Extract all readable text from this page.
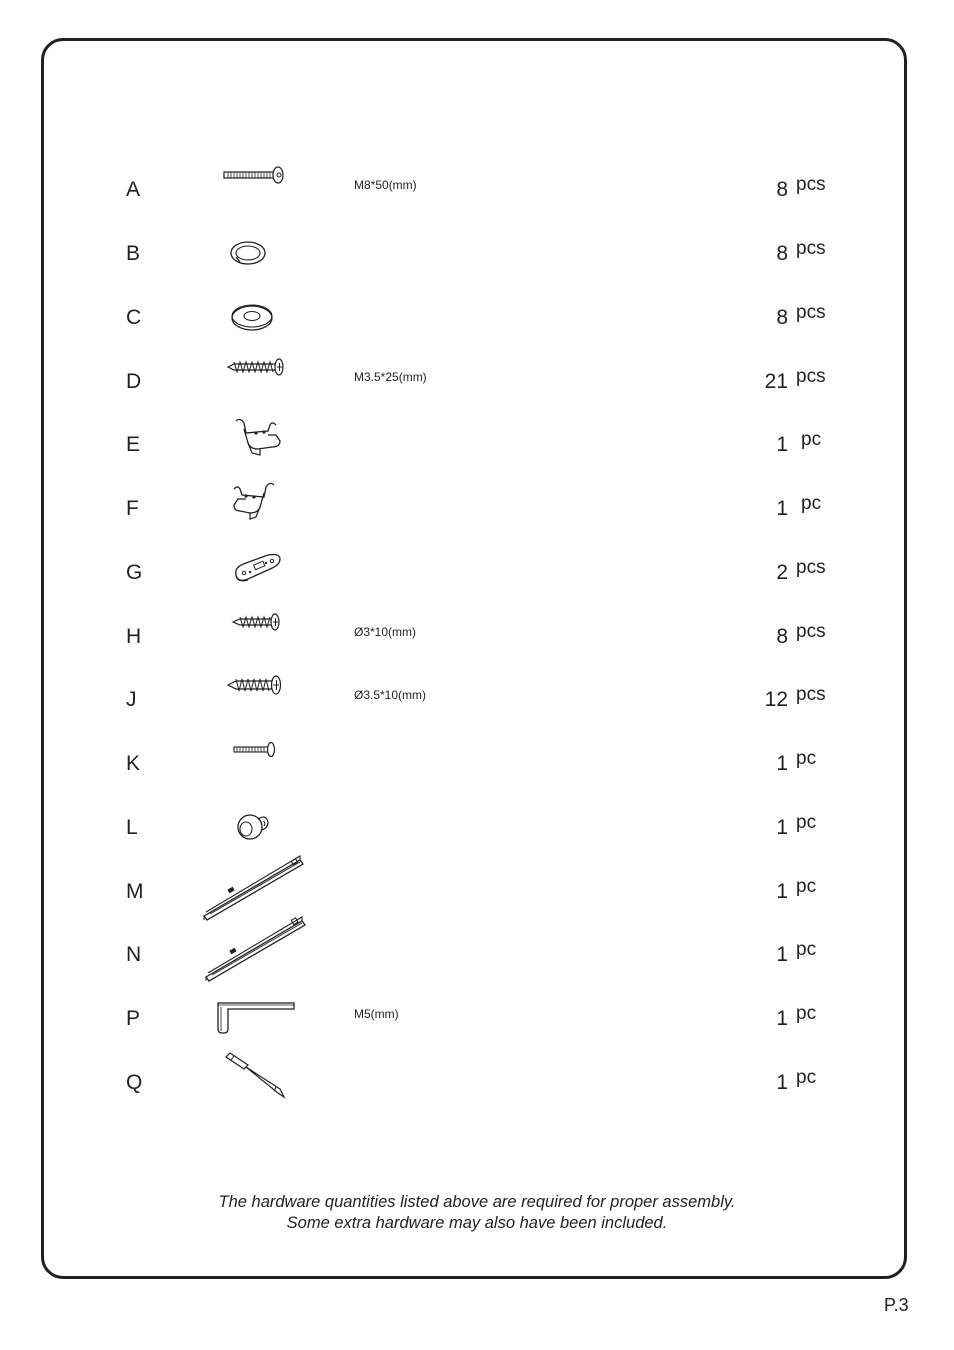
A	M8*50(mm)	8 pcs
B	8 pcs
C	8 pcs
D	M3.5*25(mm)	21 pcs
E	1 pc
F	1 pc
G	2 pcs
H	Ø3*10(mm)	8 pcs
J	Ø3.5*10(mm)	12 pcs
K	1 pc
L	1 pc
M	1 pc
N	1 pc
P	M5(mm)	1 pc
Q	1 pc
The hardware quantities listed above are required for proper assembly.
Some extra hardware may also have been included.
P.3
